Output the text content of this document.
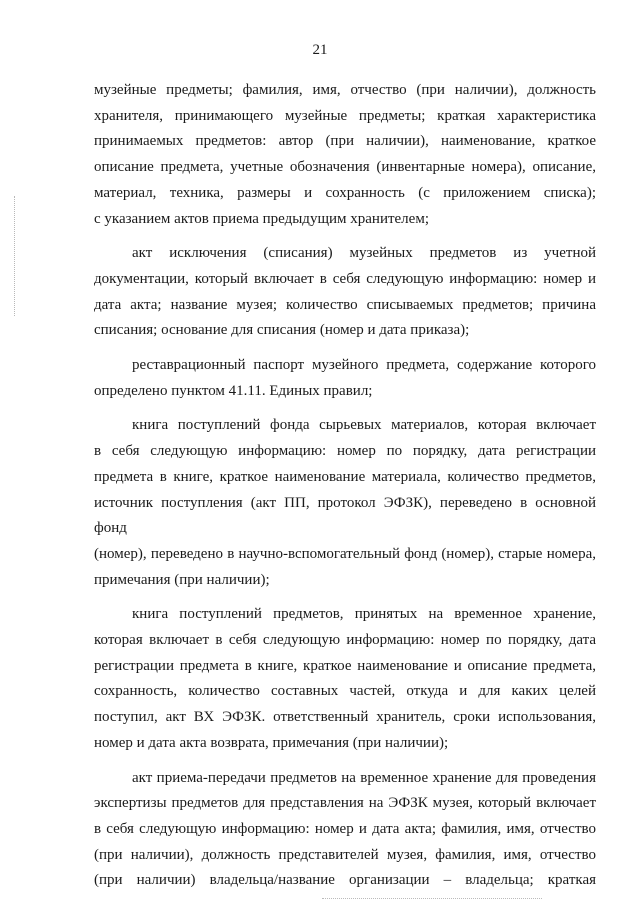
21

музейные предметы; фамилия, имя, отчество (при наличии), должность

хранителя, принимающего музейные предметы; краткая характеристика

принимаемых предметов: автор (при наличии), наименование, краткое

описание предмета, учетные обозначения (инвентарные номера), описание,

материал, техника, размеры и сохранность (с приложением списка);

с указанием актов приема предыдущим хранителем;

акт исключения (списания) музейных предметов из учетной

документации, который включает в себя следующую информацию: номер и

дата акта; название музея; количество списываемых предметов; причина

списания; основание для списания (номер и дата приказа);

реставрационный паспорт музейного предмета, содержание которого

определено пунктом 41.11. Единых правил;

книга поступлений фонда сырьевых материалов, которая включает

в себя следующую информацию: номер по порядку, дата регистрации

предмета в книге, краткое наименование материала, количество предметов,

источник поступления (акт ПП, протокол ЭФЗК), переведено в основной фонд

(номер), переведено в научно-вспомогательный фонд (номер), старые номера,

примечания (при наличии);

книга поступлений предметов, принятых на временное хранение,

которая включает в себя следующую информацию: номер по порядку, дата

регистрации предмета в книге, краткое наименование и описание предмета,

сохранность, количество составных частей, откуда и для каких целей

поступил, акт ВХ ЭФЗК. ответственный хранитель, сроки использования,

номер и дата акта возврата, примечания (при наличии);

акт приема-передачи предметов на временное хранение для проведения

экспертизы предметов для представления на ЭФЗК музея, который включает

в себя следующую информацию: номер и дата акта; фамилия, имя, отчество

(при наличии), должность представителей музея, фамилия, имя, отчество

(при наличии) владельца/название организации – владельца; краткая
